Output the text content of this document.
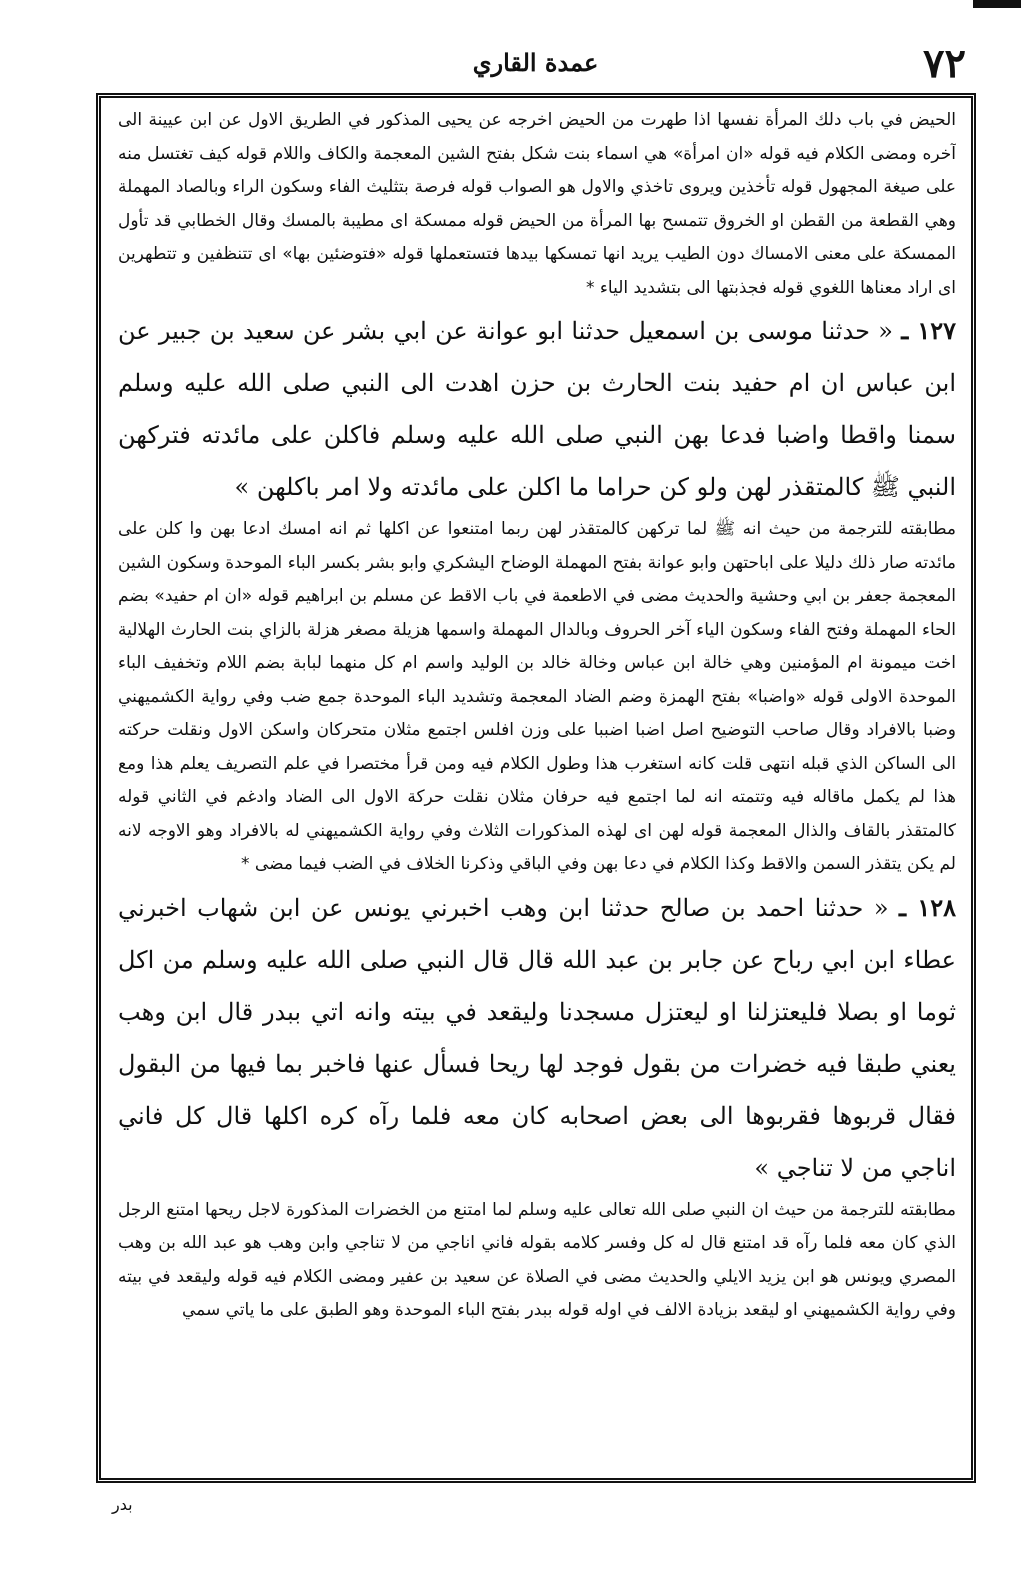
٧٢
عمدة القاري

الحيض في باب دلك المرأة نفسها اذا طهرت من الحيض اخرجه عن يحيى المذكور في الطريق الاول عن ابن عيينة الى آخره ومضى الكلام فيه قوله «ان امرأة» هي اسماء بنت شكل بفتح الشين المعجمة والكاف واللام قوله كيف تغتسل منه على صيغة المجهول قوله تأخذين ويروى تاخذي والاول هو الصواب قوله فرصة بتثليث الفاء وسكون الراء وبالصاد المهملة وهي القطعة من القطن او الخروق تتمسح بها المرأة من الحيض قوله ممسكة اى مطيبة بالمسك وقال الخطابي قد تأول الممسكة على معنى الامساك دون الطيب يريد انها تمسكها بيدها فتستعملها قوله «فتوضئين بها» اى تتنظفين و تتطهرين اى اراد معناها اللغوي قوله فجذبتها الى بتشديد الياء *

١٢٧ ـ « حدثنا موسى بن اسمعيل حدثنا ابو عوانة عن ابي بشر عن سعيد بن جبير عن ابن عباس ان ام حفيد بنت الحارث بن حزن اهدت الى النبي صلى الله عليه وسلم سمنا واقطا واضبا فدعا بهن النبي صلى الله عليه وسلم فاكلن على مائدته فتركهن النبي ﷺ كالمتقذر لهن ولو كن حراما ما اكلن على مائدته ولا امر باكلهن »

مطابقته للترجمة من حيث انه ﷺ لما تركهن كالمتقذر لهن ربما امتنعوا عن اكلها ثم انه امسك ادعا بهن وا كلن على مائدته صار ذلك دليلا على اباحتهن وابو عوانة بفتح المهملة الوضاح اليشكري وابو بشر بكسر الباء الموحدة وسكون الشين المعجمة جعفر بن ابي وحشية والحديث مضى في الاطعمة في باب الاقط عن مسلم بن ابراهيم قوله «ان ام حفيد» بضم الحاء المهملة وفتح الفاء وسكون الياء آخر الحروف وبالدال المهملة واسمها هزيلة مصغر هزلة بالزاي بنت الحارث الهلالية اخت ميمونة ام المؤمنين وهي خالة ابن عباس وخالة خالد بن الوليد واسم ام كل منهما لبابة بضم اللام وتخفيف الباء الموحدة الاولى قوله «واضبا» بفتح الهمزة وضم الضاد المعجمة وتشديد الباء الموحدة جمع ضب وفي رواية الكشميهني وضبا بالافراد وقال صاحب التوضيح اصل اضبا اضببا على وزن افلس اجتمع مثلان متحركان واسكن الاول ونقلت حركته الى الساكن الذي قبله انتهى قلت كانه استغرب هذا وطول الكلام فيه ومن قرأ مختصرا في علم التصريف يعلم هذا ومع هذا لم يكمل ماقاله فيه وتتمته انه لما اجتمع فيه حرفان مثلان نقلت حركة الاول الى الضاد وادغم في الثاني قوله كالمتقذر بالقاف والذال المعجمة قوله لهن اى لهذه المذكورات الثلاث وفي رواية الكشميهني له بالافراد وهو الاوجه لانه لم يكن يتقذر السمن والاقط وكذا الكلام في دعا بهن وفي الباقي وذكرنا الخلاف في الضب فيما مضى *

١٢٨ ـ « حدثنا احمد بن صالح حدثنا ابن وهب اخبرني يونس عن ابن شهاب اخبرني عطاء ابن ابي رباح عن جابر بن عبد الله قال قال النبي صلى الله عليه وسلم من اكل ثوما او بصلا فليعتزلنا او ليعتزل مسجدنا وليقعد في بيته وانه اتي ببدر قال ابن وهب يعني طبقا فيه خضرات من بقول فوجد لها ريحا فسأل عنها فاخبر بما فيها من البقول فقال قربوها فقربوها الى بعض اصحابه كان معه فلما رآه كره اكلها قال كل فاني اناجي من لا تناجي »

مطابقته للترجمة من حيث ان النبي صلى الله تعالى عليه وسلم لما امتنع من الخضرات المذكورة لاجل ريحها امتنع الرجل الذي كان معه فلما رآه قد امتنع قال له كل وفسر كلامه بقوله فاني اناجي من لا تناجي وابن وهب هو عبد الله بن وهب المصري ويونس هو ابن يزيد الايلي والحديث مضى في الصلاة عن سعيد بن عفير ومضى الكلام فيه قوله وليقعد في بيته وفي رواية الكشميهني او ليقعد بزيادة الالف في اوله قوله ببدر بفتح الباء الموحدة وهو الطبق على ما ياتي سمي

بدر
